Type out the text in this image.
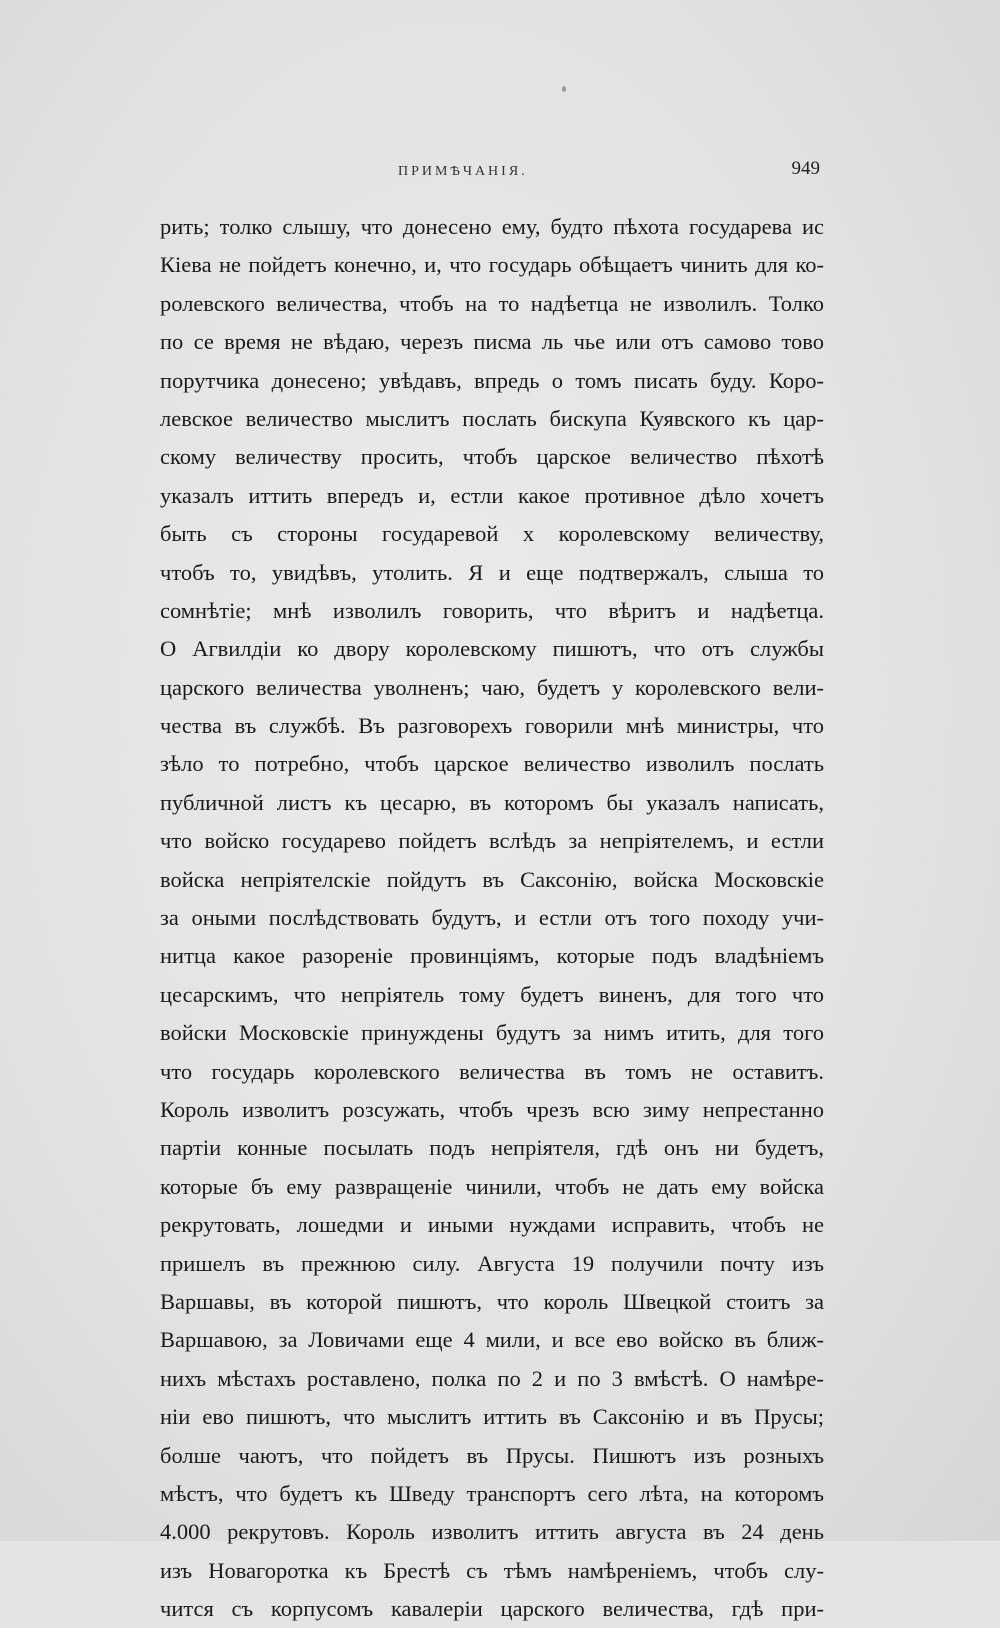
ПРИМѢЧАНІЯ.	949
рить; толко слышу, что донесено ему, будто пѣхота государева ис
Кіева не пойдетъ конечно, и, что государь обѣщаетъ чинить для ко-
ролевского величества, чтобъ на то надѣетца не изволилъ. Толко
по се время не вѣдаю, черезъ писма ль чье или отъ самово тово
порутчика донесено; увѣдавъ, впредь о томъ писать буду. Коро-
левское величество мыслитъ послать бискупа Куявского къ цар-
скому величеству просить, чтобъ царское величество пѣхотѣ
указалъ иттить впередъ и, естли какое противное дѣло хочетъ
быть съ стороны государевой х королевскому величеству,
чтобъ то, увидѣвъ, утолить. Я и еще подтвержалъ, слыша то
сомнѣтіе; мнѣ изволилъ говорить, что вѣритъ и надѣетца.
О Агвилдіи ко двору королевскому пишютъ, что отъ службы
царского величества уволненъ; чаю, будетъ у королевского вели-
чества въ службѣ. Въ разговорехъ говорили мнѣ министры, что
зѣло то потребно, чтобъ царское величество изволилъ послать
публичной листъ къ цесарю, въ которомъ бы указалъ написать,
что войско государево пойдетъ вслѣдъ за непріятелемъ, и естли
войска непріятелскіе пойдутъ въ Саксонію, войска Московскіе
за оными послѣдствовать будутъ, и естли отъ того походу учи-
нитца какое разореніе провинціямъ, которые подъ владѣніемъ
цесарскимъ, что непріятель тому будетъ виненъ, для того что
войски Московскіе принуждены будутъ за нимъ итить, для того
что государь королевского величества въ томъ не оставитъ.
Король изволитъ розсужать, чтобъ чрезъ всю зиму непрестанно
партіи конные посылать подъ непріятеля, гдѣ онъ ни будетъ,
которые бъ ему развращеніе чинили, чтобъ не дать ему войска
рекрутовать, лошедми и иными нуждами исправить, чтобъ не
пришелъ въ прежнюю силу. Августа 19 получили почту изъ
Варшавы, въ которой пишютъ, что король Швецкой стоитъ за
Варшавою, за Ловичами еще 4 мили, и все ево войско въ ближ-
нихъ мѣстахъ роставлено, полка по 2 и по 3 вмѣстѣ. О намѣре-
ніи ево пишютъ, что мыслитъ иттить въ Саксонію и въ Прусы;
болше чаютъ, что пойдетъ въ Прусы. Пишютъ изъ розныхъ
мѣстъ, что будетъ къ Шведу транспортъ сего лѣта, на которомъ
4.000 рекрутовъ. Король изволитъ иттить августа въ 24 день
изъ Новагоротка къ Брестѣ съ тѣмъ намѣреніемъ, чтобъ слу-
чится съ корпусомъ кавалеріи царского величества, гдѣ при-
